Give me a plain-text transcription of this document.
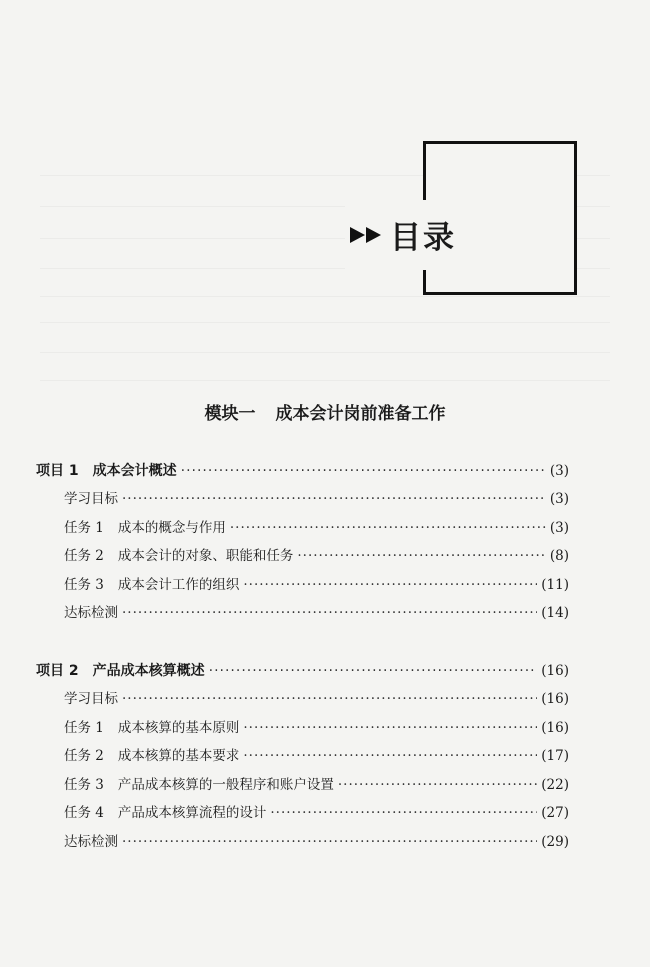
目录
模块一 成本会计岗前准备工作
项目 1 成本会计概述 ·····	(3)
学习目标 ·····	(3)
任务 1 成本的概念与作用 ·····	(3)
任务 2 成本会计的对象、职能和任务 ·····	(8)
任务 3 成本会计工作的组织 ·····	(11)
达标检测 ·····	(14)
项目 2 产品成本核算概述 ·····	(16)
学习目标 ·····	(16)
任务 1 成本核算的基本原则 ·····	(16)
任务 2 成本核算的基本要求 ·····	(17)
任务 3 产品成本核算的一般程序和账户设置 ·····	(22)
任务 4 产品成本核算流程的设计 ·····	(27)
达标检测 ·····	(29)
